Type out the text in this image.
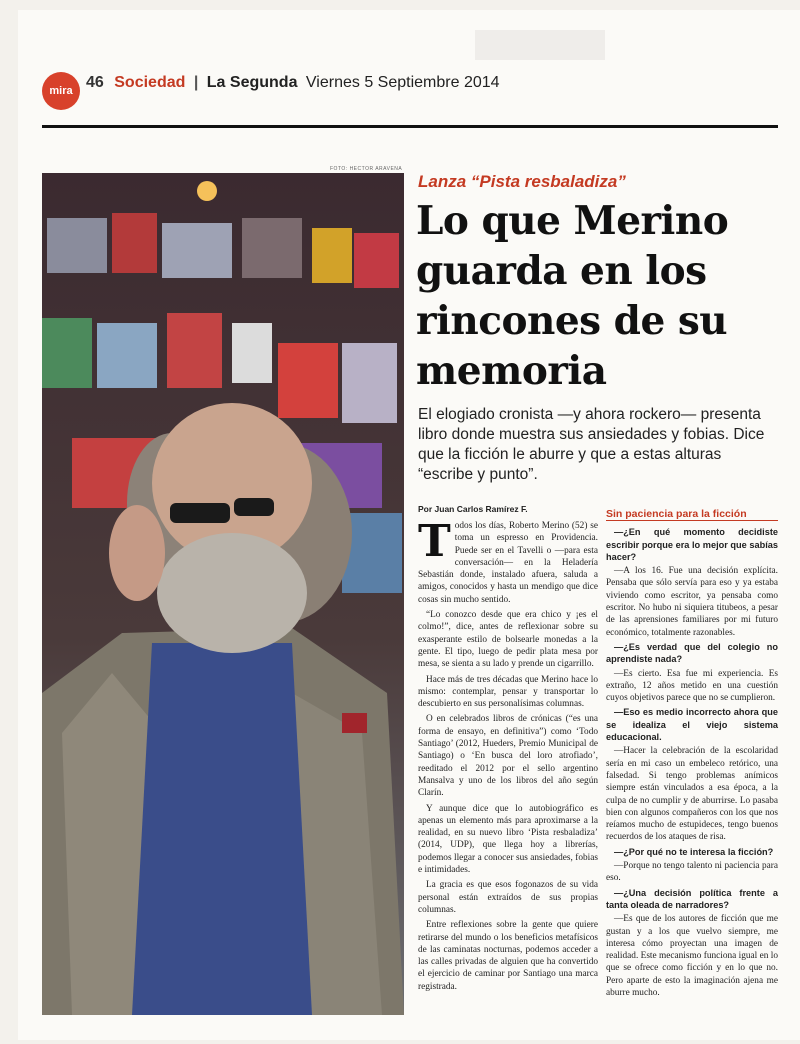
mira 46 Sociedad | La Segunda Viernes 5 Septiembre 2014
FOTO: HECTOR ARAVENA
Lanza “Pista resbaladiza”
Lo que Merino
guarda en los
rincones de su
memoria
El elogiado cronista —y ahora rockero— presenta libro donde muestra sus ansiedades y fobias. Dice que la ficción le aburre y que a estas alturas “escribe y punto”.
Por Juan Carlos Ramírez F.

Todos los días, Roberto Merino (52) se toma un espresso en Providencia. Puede ser en el Tavelli o —para esta conversación— en la Heladería Sebastián donde, instalado afuera, saluda a amigos, conocidos y hasta un mendigo que dice cosas sin mucho sentido.

“Lo conozco desde que era chico y ¡es el colmo!”, dice, antes de reflexionar sobre su exasperante estilo de bolsearle monedas a la gente. El tipo, luego de pedir plata mesa por mesa, se sienta a su lado y prende un cigarrillo.

Hace más de tres décadas que Merino hace lo mismo: contemplar, pensar y transportar lo descubierto en sus personalísimas columnas.

O en celebrados libros de crónicas (“es una forma de ensayo, en definitiva”) como ‘Todo Santiago’ (2012, Hueders, Premio Municipal de Santiago) o ‘En busca del loro atrofiado’, reeditado el 2012 por el sello argentino Mansalva y uno de los libros del año según Clarín.

Y aunque dice que lo autobiográfico es apenas un elemento más para aproximarse a la realidad, en su nuevo libro ‘Pista resbaladiza’ (2014, UDP), que llega hoy a librerías, podemos llegar a conocer sus ansiedades, fobias e intimidades.

La gracia es que esos fogonazos de su vida personal están extraídos de sus propias columnas.

Entre reflexiones sobre la gente que quiere retirarse del mundo o los beneficios metafísicos de las caminatas nocturnas, podemos acceder a las calles privadas de alguien que ha convertido el ejercicio de caminar por Santiago una marca registrada.

Sin paciencia para la ficción

—¿En qué momento decidiste escribir porque era lo mejor que sabías hacer?

—A los 16. Fue una decisión explícita. Pensaba que sólo servía para eso y ya estaba viviendo como escritor, ya pensaba como escritor. No hubo ni siquiera titubeos, a pesar de las aprensiones familiares por mi futuro económico, totalmente razonables.

—¿Es verdad que del colegio no aprendiste nada?

—Es cierto. Esa fue mi experiencia. Es extraño, 12 años metido en una cuestión cuyos objetivos parece que no se cumplieron.

—Eso es medio incorrecto ahora que se idealiza el viejo sistema educacional.

—Hacer la celebración de la escolaridad sería en mi caso un embeleco retórico, una falsedad. Si tengo problemas anímicos siempre están vinculados a esa época, a la culpa de no cumplir y de aburrirse. Lo pasaba bien con algunos compañeros con los que nos reíamos mucho de estupideces, tengo buenos recuerdos de los ataques de risa.

—¿Por qué no te interesa la ficción?

—Porque no tengo talento ni paciencia para eso.

—¿Una decisión política frente a tanta oleada de narradores?

—Es que de los autores de ficción que me gustan y a los que vuelvo siempre, me interesa cómo proyectan una imagen de realidad. Este mecanismo funciona igual en lo que se ofrece como ficción y en lo que no. Pero aparte de esto la imaginación ajena me aburre mucho.
